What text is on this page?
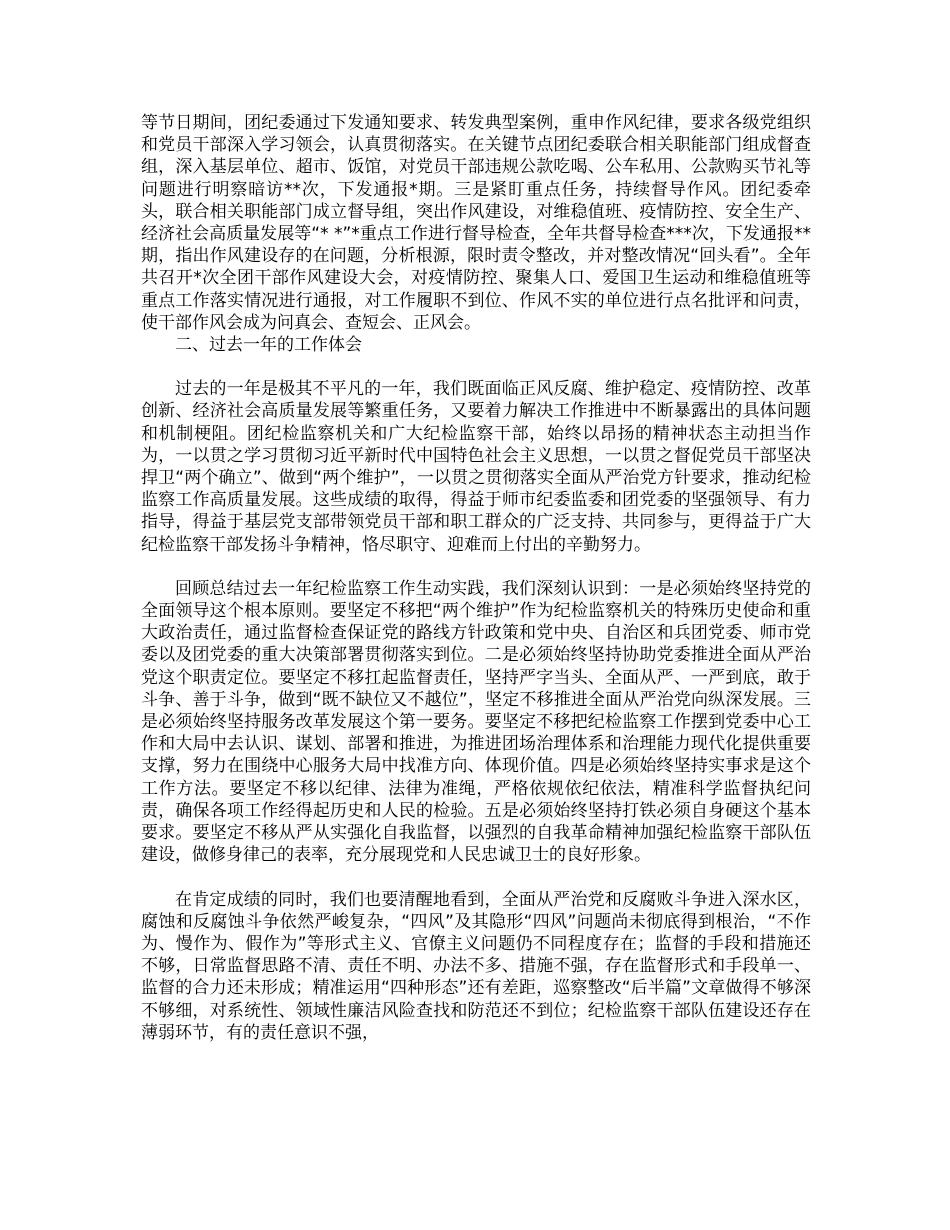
等节日期间，团纪委通过下发通知要求、转发典型案例，重申作风纪律，要求各级党组织和党员干部深入学习领会，认真贯彻落实。在关键节点团纪委联合相关职能部门组成督查组，深入基层单位、超市、饭馆，对党员干部违规公款吃喝、公车私用、公款购买节礼等问题进行明察暗访**次，下发通报*期。三是紧盯重点任务，持续督导作风。团纪委牵头，联合相关职能部门成立督导组，突出作风建设，对维稳值班、疫情防控、安全生产、经济社会高质量发展等“* *”*重点工作进行督导检查，全年共督导检查***次，下发通报**期，指出作风建设存的在问题，分析根源，限时责令整改，并对整改情况“回头看”。全年共召开*次全团干部作风建设大会，对疫情防控、聚集人口、爱国卫生运动和维稳值班等重点工作落实情况进行通报，对工作履职不到位、作风不实的单位进行点名批评和问责，使干部作风会成为问真会、查短会、正风会。

二、过去一年的工作体会

过去的一年是极其不平凡的一年，我们既面临正风反腐、维护稳定、疫情防控、改革创新、经济社会高质量发展等繁重任务，又要着力解决工作推进中不断暴露出的具体问题和机制梗阻。团纪检监察机关和广大纪检监察干部，始终以昂扬的精神状态主动担当作为，一以贯之学习贯彻习近平新时代中国特色社会主义思想，一以贯之督促党员干部坚决捍卫“两个确立”、做到“两个维护”，一以贯之贯彻落实全面从严治党方针要求，推动纪检监察工作高质量发展。这些成绩的取得，得益于师市纪委监委和团党委的坚强领导、有力指导，得益于基层党支部带领党员干部和职工群众的广泛支持、共同参与，更得益于广大纪检监察干部发扬斗争精神，恪尽职守、迎难而上付出的辛勤努力。

回顾总结过去一年纪检监察工作生动实践，我们深刻认识到：一是必须始终坚持党的全面领导这个根本原则。要坚定不移把“两个维护”作为纪检监察机关的特殊历史使命和重大政治责任，通过监督检查保证党的路线方针政策和党中央、自治区和兵团党委、师市党委以及团党委的重大决策部署贯彻落实到位。二是必须始终坚持协助党委推进全面从严治党这个职责定位。要坚定不移扛起监督责任，坚持严字当头、全面从严、一严到底，敢于斗争、善于斗争，做到“既不缺位又不越位”，坚定不移推进全面从严治党向纵深发展。三是必须始终坚持服务改革发展这个第一要务。要坚定不移把纪检监察工作摆到党委中心工作和大局中去认识、谋划、部署和推进，为推进团场治理体系和治理能力现代化提供重要支撑，努力在围绕中心服务大局中找准方向、体现价值。四是必须始终坚持实事求是这个工作方法。要坚定不移以纪律、法律为准绳，严格依规依纪依法，精准科学监督执纪问责，确保各项工作经得起历史和人民的检验。五是必须始终坚持打铁必须自身硬这个基本要求。要坚定不移从严从实强化自我监督，以强烈的自我革命精神加强纪检监察干部队伍建设，做修身律己的表率，充分展现党和人民忠诚卫士的良好形象。

在肯定成绩的同时，我们也要清醒地看到，全面从严治党和反腐败斗争进入深水区，腐蚀和反腐蚀斗争依然严峻复杂，“四风”及其隐形“四风”问题尚未彻底得到根治，“不作为、慢作为、假作为”等形式主义、官僚主义问题仍不同程度存在；监督的手段和措施还不够，日常监督思路不清、责任不明、办法不多、措施不强，存在监督形式和手段单一、监督的合力还未形成；精准运用“四种形态”还有差距，巡察整改“后半篇”文章做得不够深不够细，对系统性、领域性廉洁风险查找和防范还不到位；纪检监察干部队伍建设还存在薄弱环节，有的责任意识不强，
